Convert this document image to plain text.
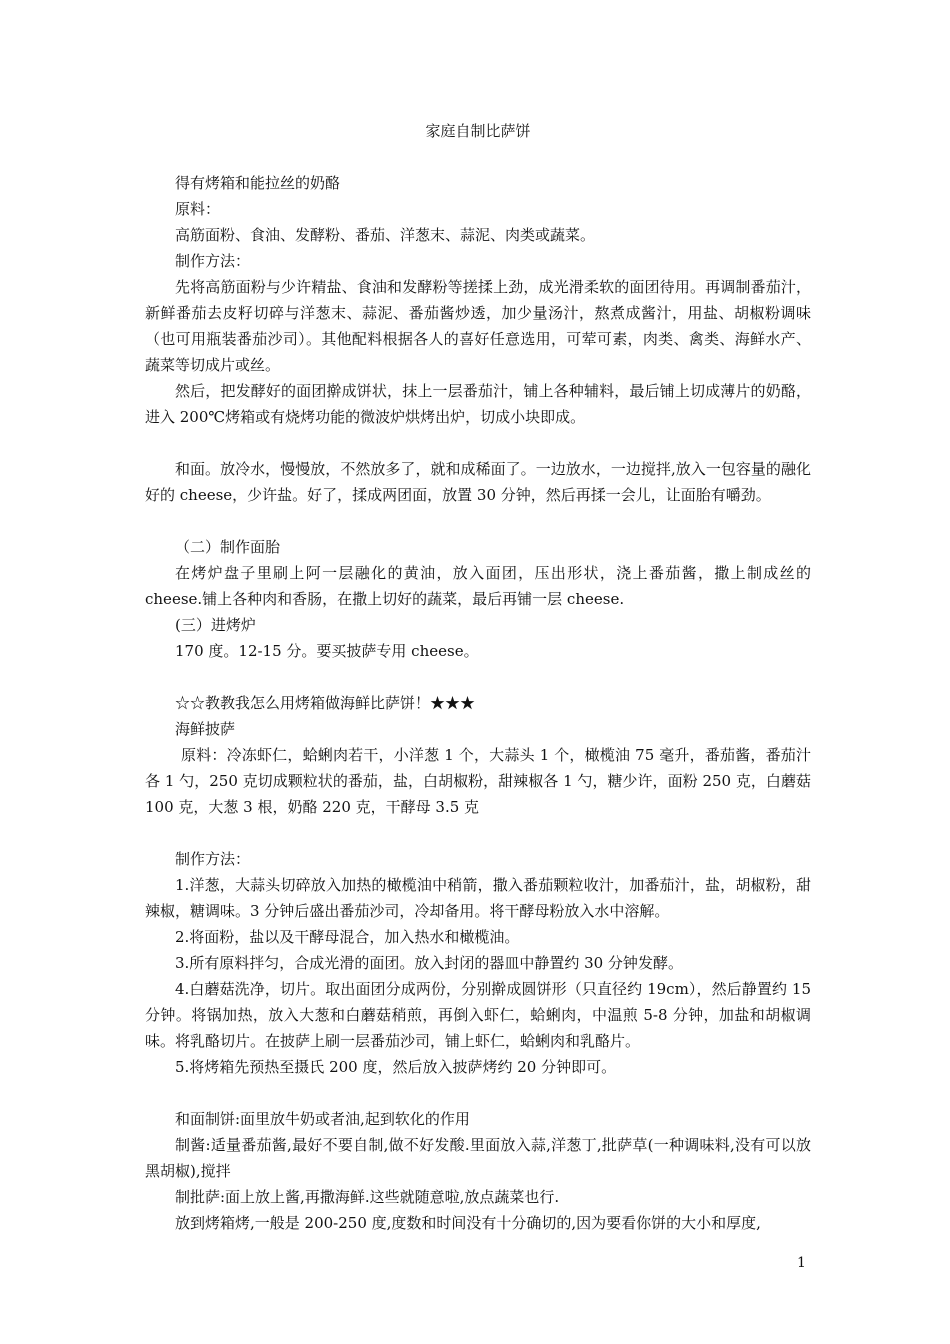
家庭自制比萨饼

得有烤箱和能拉丝的奶酪

原料：

高筋面粉、食油、发酵粉、番茄、洋葱末、蒜泥、肉类或蔬菜。

制作方法：

先将高筋面粉与少许精盐、食油和发酵粉等搓揉上劲，成光滑柔软的面团待用。再调制番茄汁，新鲜番茄去皮籽切碎与洋葱末、蒜泥、番茄酱炒透，加少量汤汁，熬煮成酱汁，用盐、胡椒粉调味（也可用瓶装番茄沙司）。其他配料根据各人的喜好任意选用，可荤可素，肉类、禽类、海鲜水产、蔬菜等切成片或丝。

然后，把发酵好的面团擀成饼状，抹上一层番茄汁，铺上各种辅料，最后铺上切成薄片的奶酪，进入 200℃烤箱或有烧烤功能的微波炉烘烤出炉，切成小块即成。

和面。放冷水，慢慢放，不然放多了，就和成稀面了。一边放水，一边搅拌,放入一包容量的融化好的 cheese，少许盐。好了，揉成两团面，放置 30 分钟，然后再揉一会儿，让面胎有嚼劲。

（二）制作面胎

在烤炉盘子里刷上阿一层融化的黄油，放入面团，压出形状，浇上番茄酱，撒上制成丝的 cheese.铺上各种肉和香肠，在撒上切好的蔬菜，最后再铺一层 cheese.

(三）进烤炉

170 度。12-15 分。要买披萨专用 cheese。

☆☆教教我怎么用烤箱做海鲜比萨饼！★★★

海鲜披萨

原料：冷冻虾仁，蛤蜊肉若干，小洋葱 1 个，大蒜头 1 个，橄榄油 75 毫升，番茄酱，番茄汁各 1 勺，250 克切成颗粒状的番茄，盐，白胡椒粉，甜辣椒各 1 勺，糖少许，面粉 250 克，白蘑菇 100 克，大葱 3 根，奶酪 220 克，干酵母 3.5 克

制作方法：

1.洋葱，大蒜头切碎放入加热的橄榄油中稍箭，撒入番茄颗粒收汁，加番茄汁，盐，胡椒粉，甜辣椒，糖调味。3 分钟后盛出番茄沙司，冷却备用。将干酵母粉放入水中溶解。

2.将面粉，盐以及干酵母混合，加入热水和橄榄油。

3.所有原料拌匀，合成光滑的面团。放入封闭的器皿中静置约 30 分钟发酵。

4.白蘑菇洗净，切片。取出面团分成两份，分别擀成圆饼形（只直径约 19cm），然后静置约 15 分钟。将锅加热，放入大葱和白蘑菇稍煎，再倒入虾仁，蛤蜊肉，中温煎 5-8 分钟，加盐和胡椒调味。将乳酪切片。在披萨上刷一层番茄沙司，铺上虾仁，蛤蜊肉和乳酪片。

5.将烤箱先预热至摄氏 200 度，然后放入披萨烤约 20 分钟即可。

和面制饼:面里放牛奶或者油,起到软化的作用

制酱:适量番茄酱,最好不要自制,做不好发酸.里面放入蒜,洋葱丁,批萨草(一种调味料,没有可以放黑胡椒),搅拌

制批萨:面上放上酱,再撒海鲜.这些就随意啦,放点蔬菜也行.

放到烤箱烤,一般是 200-250 度,度数和时间没有十分确切的,因为要看你饼的大小和厚度,

1
